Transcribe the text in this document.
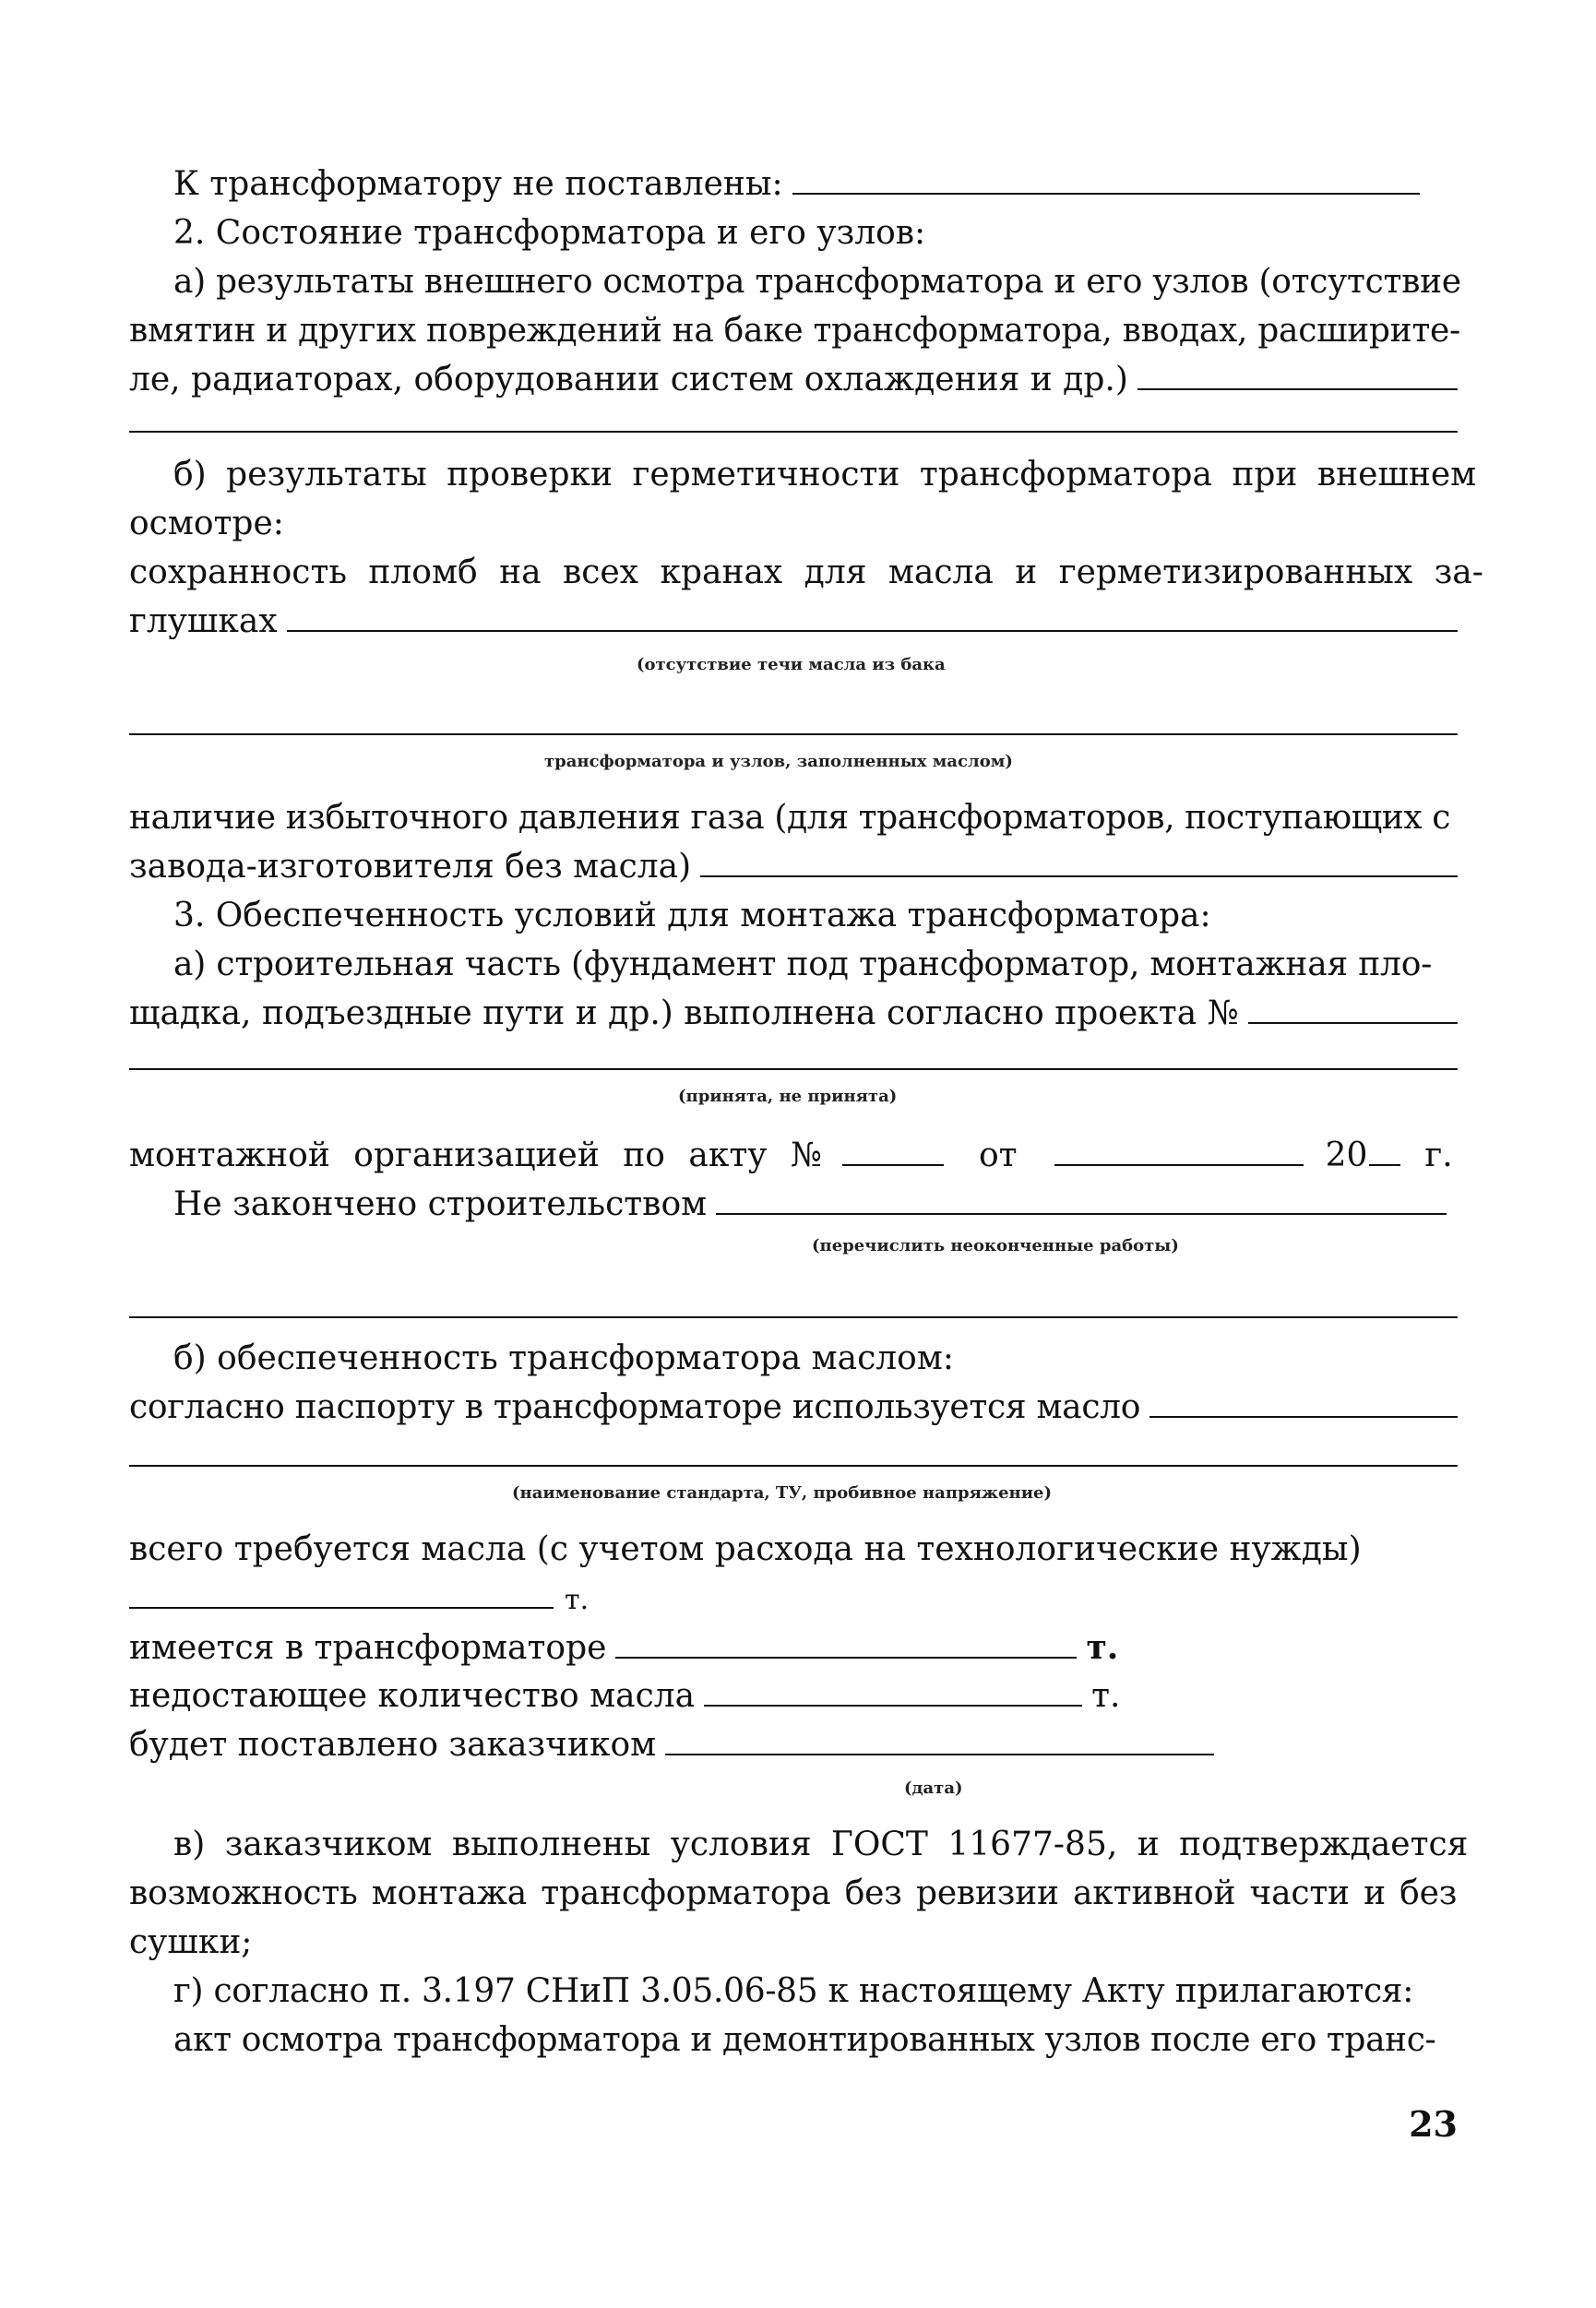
К трансформатору не поставлены:
2. Состояние трансформатора и его узлов:
а) результаты внешнего осмотра трансформатора и его узлов (отсутствие
вмятин и других повреждений на баке трансформатора, вводах, расширите-
ле, радиаторах, оборудовании систем охлаждения и др.)
б) результаты проверки герметичности трансформатора при внешнем
осмотре:
сохранность пломб на всех кранах для масла и герметизированных за-
глушках
(отсутствие течи масла из бака
трансформатора и узлов, заполненных маслом)
наличие избыточного давления газа (для трансформаторов, поступающих с
завода-изготовителя без масла)
3. Обеспеченность условий для монтажа трансформатора:
а) строительная часть (фундамент под трансформатор, монтажная пло-
щадка, подъездные пути и др.) выполнена согласно проекта №
(принята, не принята)
монтажной организацией по акту №	от	20 г.
Не закончено строительством
(перечислить неоконченные работы)
б) обеспеченность трансформатора маслом:
согласно паспорту в трансформаторе используется масло
(наименование стандарта, ТУ, пробивное напряжение)
всего требуется масла (с учетом расхода на технологические нужды)
т.
имеется в трансформаторе	т.
недостающее количество масла	т.
будет поставлено заказчиком
(дата)
в) заказчиком выполнены условия ГОСТ 11677-85, и подтверждается
возможность монтажа трансформатора без ревизии активной части и без
сушки;
г) согласно п. 3.197 СНиП 3.05.06-85 к настоящему Акту прилагаются:
акт осмотра трансформатора и демонтированных узлов после его транс-
23
